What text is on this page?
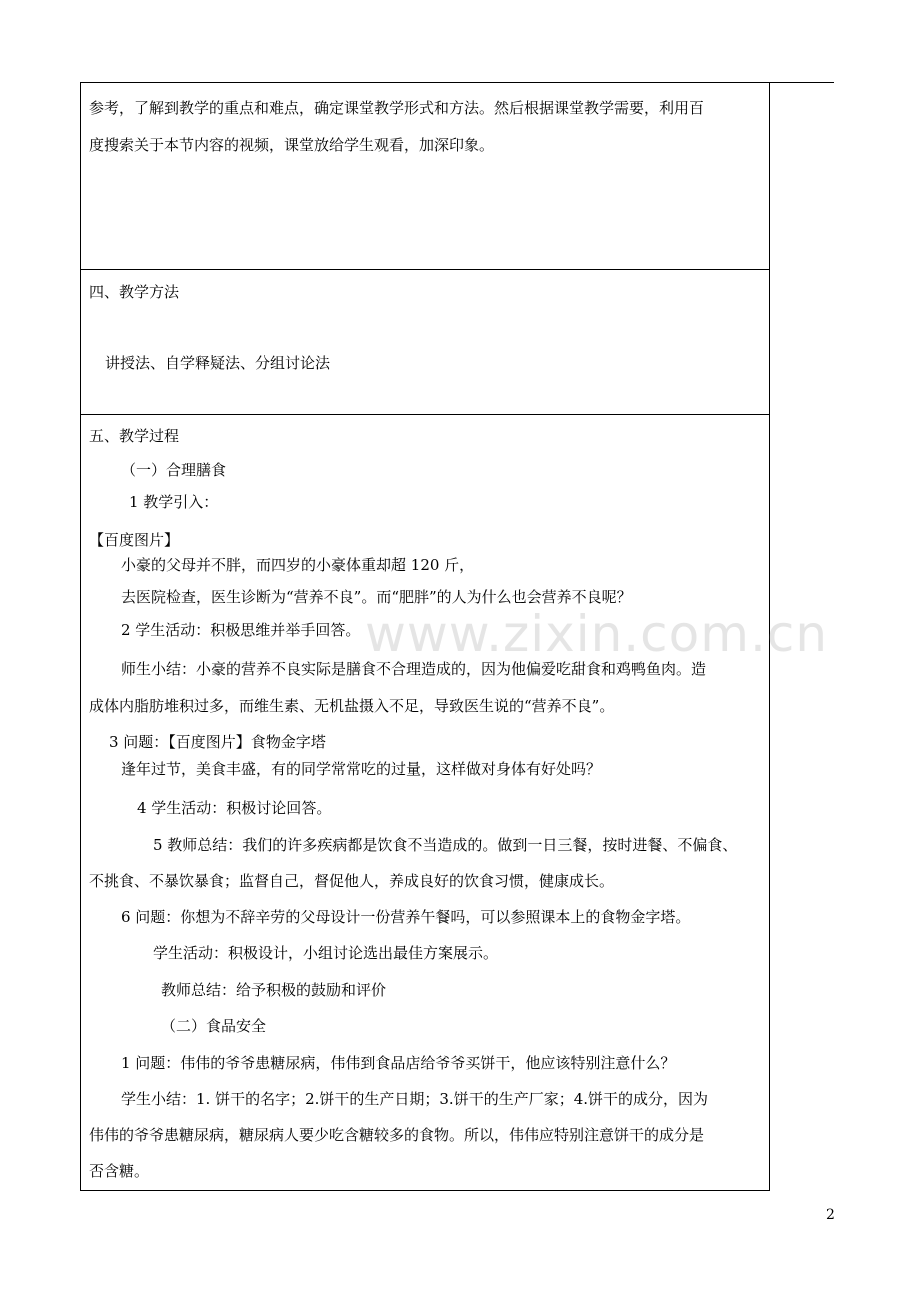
参考，了解到教学的重点和难点，确定课堂教学形式和方法。然后根据课堂教学需要，利用百
度搜索关于本节内容的视频，课堂放给学生观看，加深印象。
四、教学方法
讲授法、自学释疑法、分组讨论法
五、教学过程
（一）合理膳食
1 教学引入：
【百度图片】
小豪的父母并不胖，而四岁的小豪体重却超 120 斤，
去医院检查，医生诊断为“营养不良”。而“肥胖”的人为什么也会营养不良呢？
2 学生活动：积极思维并举手回答。
师生小结：小豪的营养不良实际是膳食不合理造成的，因为他偏爱吃甜食和鸡鸭鱼肉。造
成体内脂肪堆积过多，而维生素、无机盐摄入不足，导致医生说的“营养不良”。
3 问题：【百度图片】食物金字塔
逢年过节，美食丰盛，有的同学常常吃的过量，这样做对身体有好处吗？
4 学生活动：积极讨论回答。
5 教师总结：我们的许多疾病都是饮食不当造成的。做到一日三餐，按时进餐、不偏食、
不挑食、不暴饮暴食；监督自己，督促他人，养成良好的饮食习惯，健康成长。
6 问题：你想为不辞辛劳的父母设计一份营养午餐吗，可以参照课本上的食物金字塔。
学生活动：积极设计，小组讨论选出最佳方案展示。
教师总结：给予积极的鼓励和评价
（二）食品安全
1 问题：伟伟的爷爷患糖尿病，伟伟到食品店给爷爷买饼干，他应该特别注意什么？
学生小结：1. 饼干的名字；2.饼干的生产日期；3.饼干的生产厂家；4.饼干的成分，因为
伟伟的爷爷患糖尿病，糖尿病人要少吃含糖较多的食物。所以，伟伟应特别注意饼干的成分是
否含糖。
www.zixin.com.cn
2
